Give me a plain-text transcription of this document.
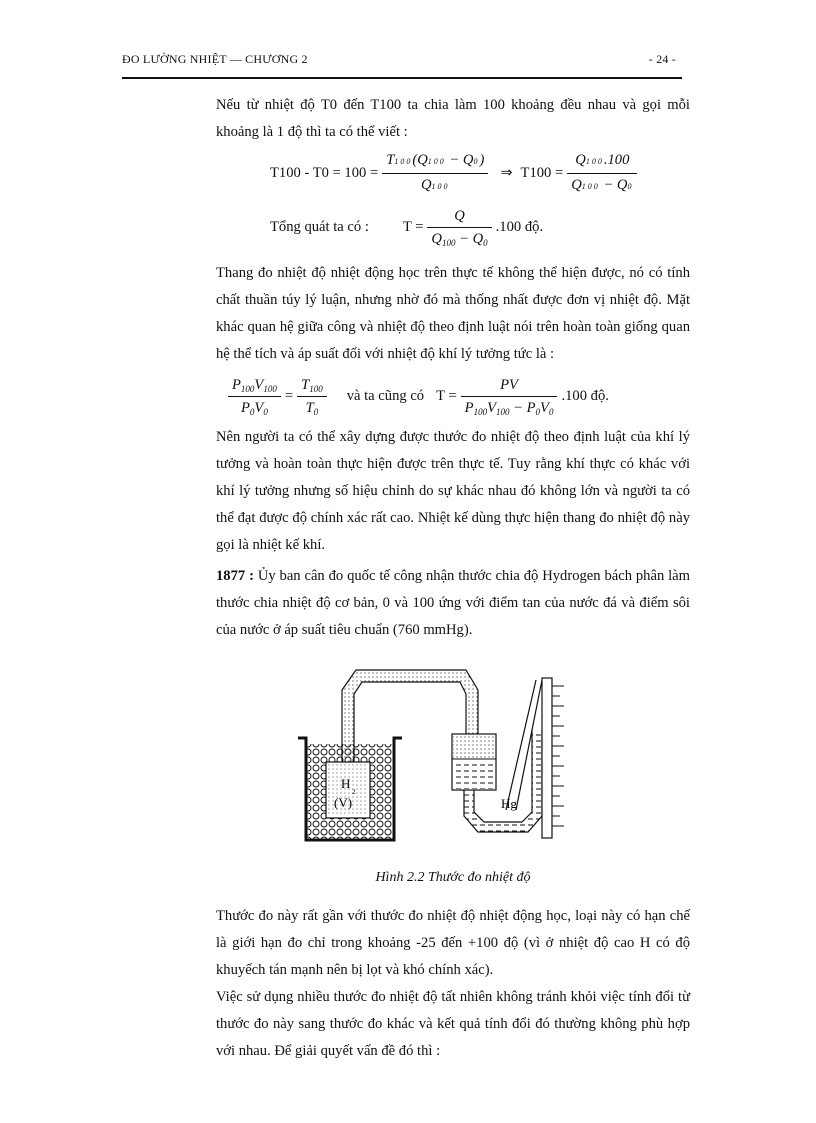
ĐO LƯỜNG NHIỆT — CHƯƠNG 2	- 24 -

Nếu từ nhiệt độ T0 đến T100 ta chia làm 100 khoảng đều nhau và gọi mỗi khoảng là 1 độ thì ta có thể viết :

$T100 - T0 = 100 = \frac{T100(Q100 - Q0)}{Q100}$ ⇒ $T100 = \frac{Q100.100}{Q100 - Q0}$
Tổng quát ta có : $T = \frac{Q}{Q_{100} - Q_0} .100$ độ.

Thang đo nhiệt độ nhiệt động học trên thực tế không thể hiện được, nó có tính chất thuần túy lý luận, nhưng nhờ đó mà thống nhất được đơn vị nhiệt độ. Mặt khác quan hệ giữa công và nhiệt độ theo định luật nói trên hoàn toàn giống quan hệ thể tích và áp suất đối với nhiệt độ khí lý tưởng tức là :

$\frac{P_{100}V_{100}}{P_0V_0} = \frac{T_{100}}{T_0}$ và ta cũng có $T = \frac{PV}{P_{100}V_{100} - P_0V_0} .100$ độ.

Nên người ta có thể xây dựng được thước đo nhiệt độ theo định luật của khí lý tưởng và hoàn toàn thực hiện được trên thực tế. Tuy rằng khí thực có khác với khí lý tưởng nhưng số hiệu chỉnh do sự khác nhau đó không lớn và người ta có thể đạt được độ chính xác rất cao. Nhiệt kế dùng thực hiện thang đo nhiệt độ này gọi là nhiệt kế khí.

1877 : Ủy ban cân đo quốc tế công nhận thước chia độ Hydrogen bách phân làm thước chia nhiệt độ cơ bản, 0 và 100 ứng với điểm tan của nước đá và điểm sôi của nước ở áp suất tiêu chuẩn (760 mmHg).

H
2
(V)	Hg
Hình 2.2 Thước đo nhiệt độ

Thước đo này rất gần với thước đo nhiệt độ nhiệt động học, loại này có hạn chế là giới hạn đo chỉ trong khoảng -25 đến +100 độ (vì ở nhiệt độ cao H có độ khuyếch tán mạnh nên bị lọt và khó chính xác).

Việc sử dụng nhiều thước đo nhiệt độ tất nhiên không tránh khỏi việc tính đổi từ thước đo này sang thước đo khác và kết quả tính đổi đó thường không phù hợp với nhau. Để giải quyết vấn đề đó thì :
